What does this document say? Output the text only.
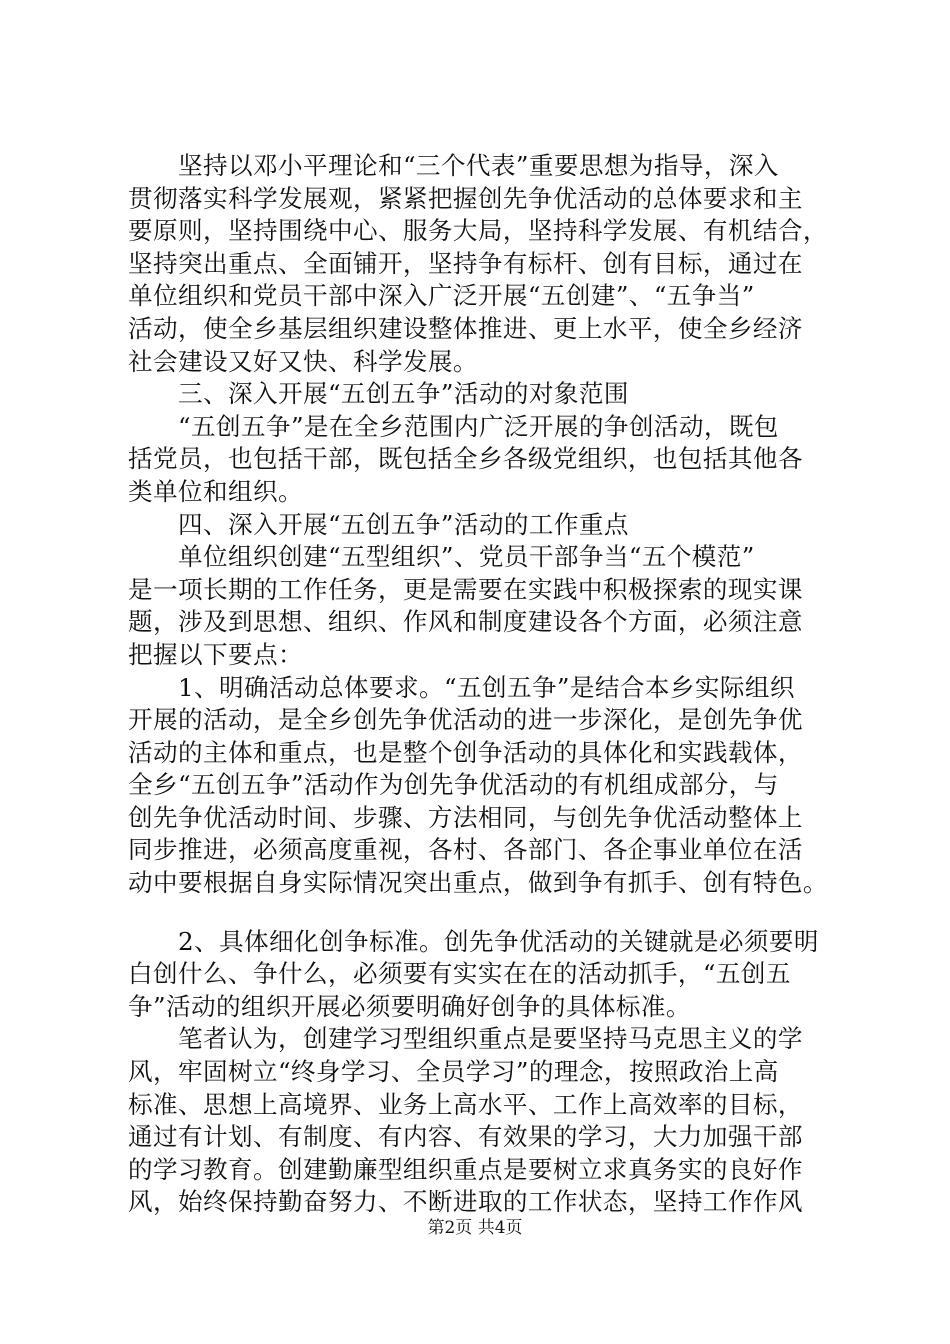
坚持以邓小平理论和“三个代表”重要思想为指导，深入
贯彻落实科学发展观，紧紧把握创先争优活动的总体要求和主
要原则，坚持围绕中心、服务大局，坚持科学发展、有机结合，
坚持突出重点、全面铺开，坚持争有标杆、创有目标，通过在
单位组织和党员干部中深入广泛开展“五创建”、“五争当”
活动，使全乡基层组织建设整体推进、更上水平，使全乡经济
社会建设又好又快、科学发展。
三、深入开展“五创五争”活动的对象范围
“五创五争”是在全乡范围内广泛开展的争创活动，既包
括党员，也包括干部，既包括全乡各级党组织，也包括其他各
类单位和组织。
四、深入开展“五创五争”活动的工作重点
单位组织创建“五型组织”、党员干部争当“五个模范”
是一项长期的工作任务，更是需要在实践中积极探索的现实课
题，涉及到思想、组织、作风和制度建设各个方面，必须注意
把握以下要点：
1、明确活动总体要求。“五创五争”是结合本乡实际组织
开展的活动，是全乡创先争优活动的进一步深化，是创先争优
活动的主体和重点，也是整个创争活动的具体化和实践载体，
全乡“五创五争”活动作为创先争优活动的有机组成部分，与
创先争优活动时间、步骤、方法相同，与创先争优活动整体上
同步推进，必须高度重视，各村、各部门、各企事业单位在活
动中要根据自身实际情况突出重点，做到争有抓手、创有特色。
2、具体细化创争标准。创先争优活动的关键就是必须要明
白创什么、争什么，必须要有实实在在的活动抓手，“五创五
争”活动的组织开展必须要明确好创争的具体标准。
笔者认为，创建学习型组织重点是要坚持马克思主义的学
风，牢固树立“终身学习、全员学习”的理念，按照政治上高
标准、思想上高境界、业务上高水平、工作上高效率的目标，
通过有计划、有制度、有内容、有效果的学习，大力加强干部
的学习教育。创建勤廉型组织重点是要树立求真务实的良好作
风，始终保持勤奋努力、不断进取的工作状态，坚持工作作风
第2页 共4页
